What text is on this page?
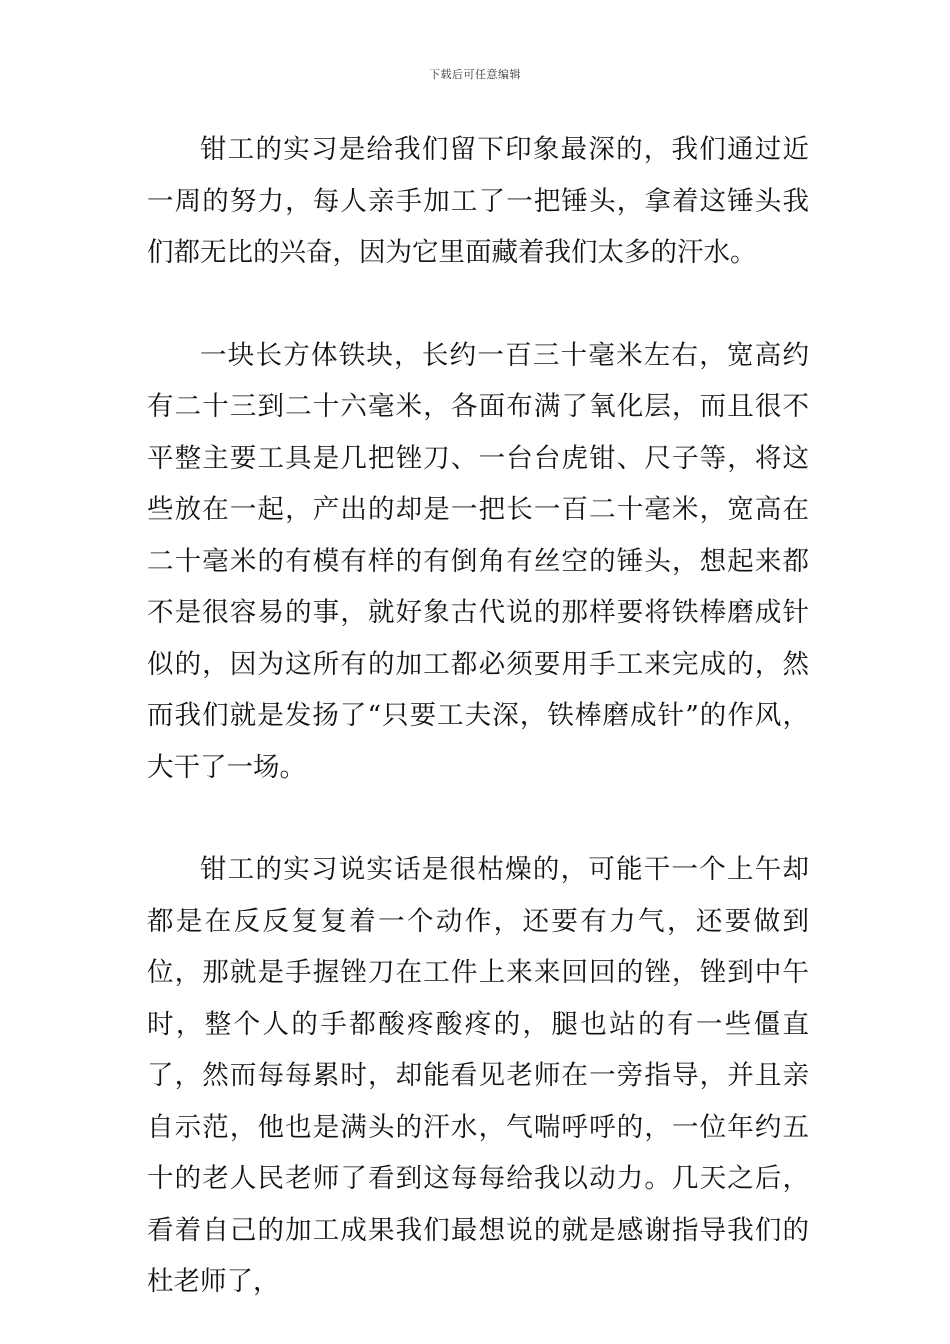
下载后可任意编辑

钳工的实习是给我们留下印象最深的，我们通过近一周的努力，每人亲手加工了一把锤头，拿着这锤头我们都无比的兴奋，因为它里面藏着我们太多的汗水。

一块长方体铁块，长约一百三十毫米左右，宽高约有二十三到二十六毫米，各面布满了氧化层，而且很不平整主要工具是几把锉刀、一台台虎钳、尺子等，将这些放在一起，产出的却是一把长一百二十毫米，宽高在二十毫米的有模有样的有倒角有丝空的锤头，想起来都不是很容易的事，就好象古代说的那样要将铁棒磨成针似的，因为这所有的加工都必须要用手工来完成的，然而我们就是发扬了“只要工夫深，铁棒磨成针”的作风，大干了一场。

钳工的实习说实话是很枯燥的，可能干一个上午却都是在反反复复着一个动作，还要有力气，还要做到位，那就是手握锉刀在工件上来来回回的锉，锉到中午时，整个人的手都酸疼酸疼的，腿也站的有一些僵直了，然而每每累时，却能看见老师在一旁指导，并且亲自示范，他也是满头的汗水，气喘呼呼的，一位年约五十的老人民老师了看到这每每给我以动力。几天之后，看着自己的加工成果我们最想说的就是感谢指导我们的杜老师了，
